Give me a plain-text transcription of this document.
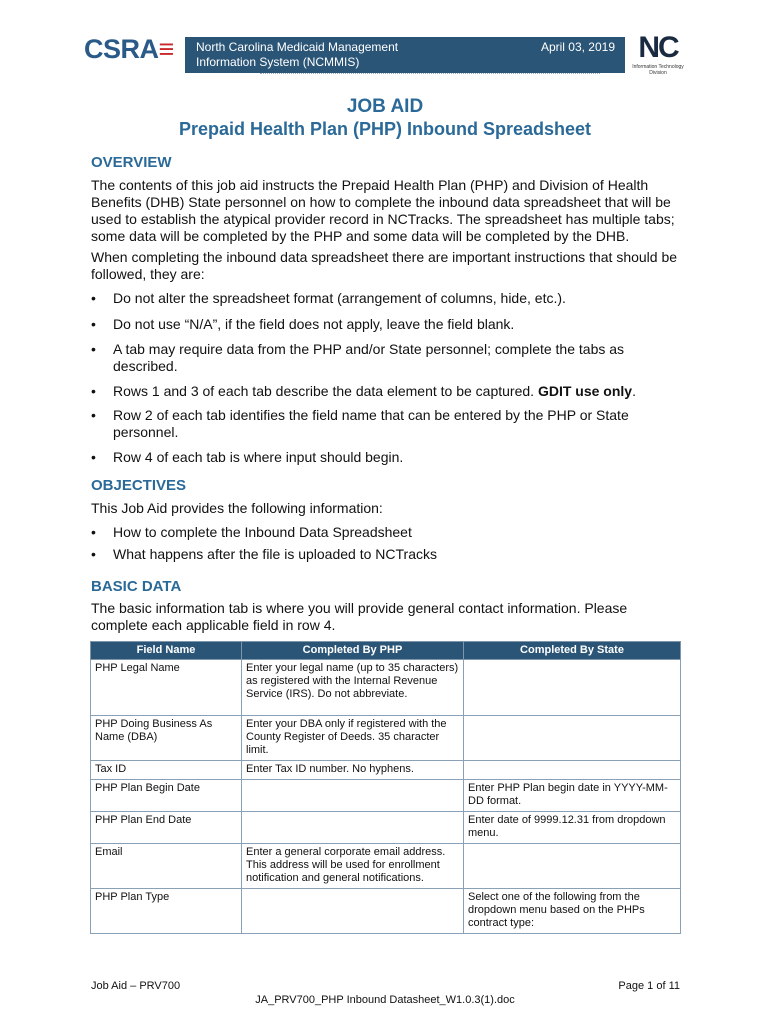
CSRA≡ North Carolina Medicaid Management Information System (NCMMIS)
April 03, 2019 NC
Information Technology Division
JOB AID
Prepaid Health Plan (PHP) Inbound Spreadsheet
OVERVIEW
The contents of this job aid instructs the Prepaid Health Plan (PHP) and Division of Health Benefits (DHB) State personnel on how to complete the inbound data spreadsheet that will be used to establish the atypical provider record in NCTracks. The spreadsheet has multiple tabs; some data will be completed by the PHP and some data will be completed by the DHB.
When completing the inbound data spreadsheet there are important instructions that should be followed, they are:
• Do not alter the spreadsheet format (arrangement of columns, hide, etc.).
• Do not use “N/A”, if the field does not apply, leave the field blank.
• A tab may require data from the PHP and/or State personnel; complete the tabs as described.
• Rows 1 and 3 of each tab describe the data element to be captured. GDIT use only.
• Row 2 of each tab identifies the field name that can be entered by the PHP or State personnel.
• Row 4 of each tab is where input should begin.
OBJECTIVES
This Job Aid provides the following information:
• How to complete the Inbound Data Spreadsheet
• What happens after the file is uploaded to NCTracks
BASIC DATA
The basic information tab is where you will provide general contact information. Please complete each applicable field in row 4.
Field Name	Completed By PHP	Completed By State
PHP Legal Name	Enter your legal name (up to 35 characters) as registered with the Internal Revenue Service (IRS). Do not abbreviate.	
PHP Doing Business As Name (DBA)	Enter your DBA only if registered with the County Register of Deeds. 35 character limit.	
Tax ID	Enter Tax ID number. No hyphens.	
PHP Plan Begin Date		Enter PHP Plan begin date in YYYY-MM-DD format.
PHP Plan End Date		Enter date of 9999.12.31 from dropdown menu.
Email	Enter a general corporate email address. This address will be used for enrollment notification and general notifications.	
PHP Plan Type		Select one of the following from the dropdown menu based on the PHPs contract type:
Job Aid – PRV700	Page 1 of 11
JA_PRV700_PHP Inbound Datasheet_W1.0.3(1).doc
